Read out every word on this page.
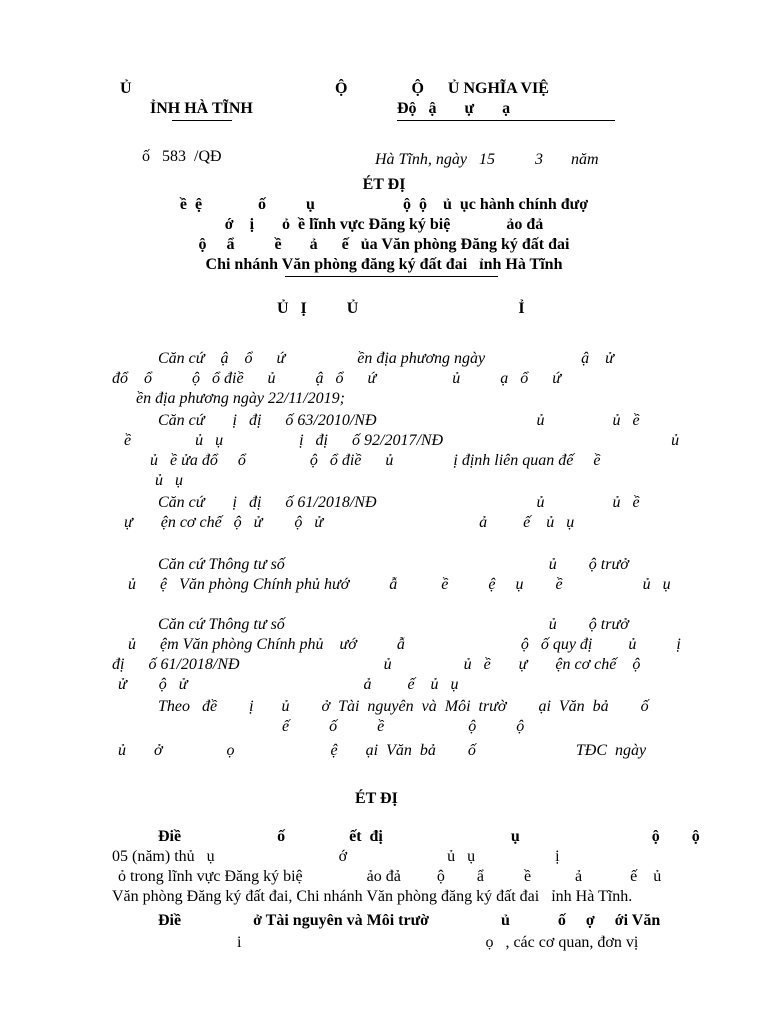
Ủ
ỈNH HÀ TĨNH

ố 583 /QĐ

Ộ                Ộ      Ủ NGHĨA VIỆ
Độ   ậ       ự       ạ

Hà Tĩnh, ngày 15	3 năm

ÉT ĐỊ
ề  ệ              ố          ụ                      ộ  ộ    ủ  ục hành chính đượ
ớ    ị       ỏ  ề lĩnh vực Đăng ký biệ              ảo đả
ộ     ẩ          ề       ả      ế   ủa Văn phòng Đăng ký đất đai
Chi nhánh Văn phòng đăng ký đất đai   ỉnh Hà Tĩnh
Ủ   Ị          Ủ                                        Ỉ
Căn cứ    ậ    ổ      ứ                  ền địa phương ngày                        ậ    ử
đổ    ổ          ộ   ổ điề      ủ          ậ   ổ      ứ                   ủ          ạ   ổ      ứ
ền địa phương ngày 22/11/2019;
Căn cứ       ị   đị      ố 63/2010/NĐ                                        ủ                 ủ   ề
ề                ủ   ụ                   ị   đị      ố 92/2017/NĐ                                                         ủ
ủ   ề ửa đổ     ổ                ộ   ổ điề      ủ               ị định liên quan đế     ề
ủ   ụ
Căn cứ       ị   đị      ố 61/2018/NĐ                                        ủ                 ủ   ề
ự       ện cơ chế   ộ   ử        ộ   ử                                       ả         ế    ủ   ụ
Căn cứ Thông tư số                                                                  ủ        ộ trưở
ủ      ệ   Văn phòng Chính phủ hướ          ẫ           ề          ệ     ụ        ề                    ủ   ụ
Căn cứ Thông tư số                                                                  ủ        ộ trưở
ủ      ệm Văn phòng Chính phủ    ướ          ẫ                             ộ   ố quy đị         ủ          ị
đị      ố 61/2018/NĐ                                    ủ                  ủ   ề       ự       ện cơ chế    ộ
ử        ộ   ử                                            ả         ế    ủ   ụ
Theo   đề        ị       ủ        ở  Tài  nguyên  và  Môi  trườ        ại  Văn  bả        ố
ế          ố          ề                     ộ          ộ
ủ       ở                ọ                        ệ       ại  Văn  bả        ố                         TĐC  ngày
ÉT ĐỊ
Điề                        ố                ết  đị                                ụ                                 ộ        ộ
05 (năm) thủ   ụ                               ớ                         ủ   ụ                    ị
ỏ trong lĩnh vực Đăng ký biệ                ảo đả         ộ        ẩ          ề           ả            ế    ủ
Văn phòng Đăng ký đất đai, Chi nhánh Văn phòng đăng ký đất đai   ỉnh Hà Tĩnh.
Điề                  ở Tài nguyên và Môi trườ                  ủ            ố     ợ     ới Văn
i                                                             ọ   , các cơ quan, đơn vị
